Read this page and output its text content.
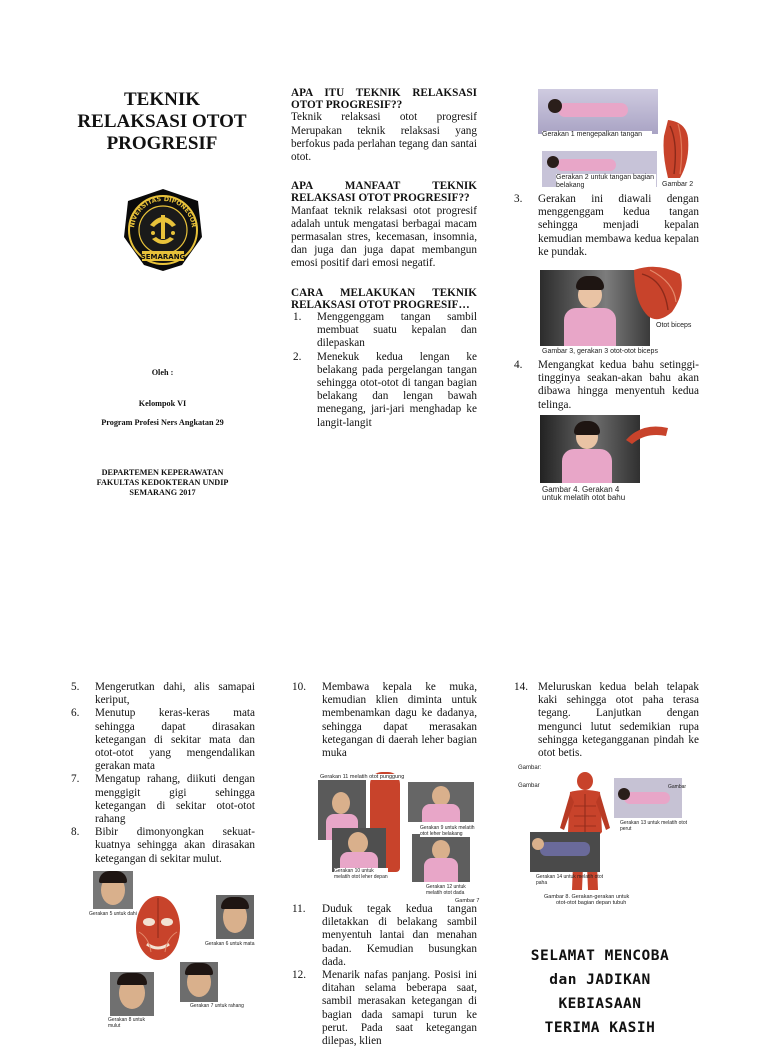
TEKNIK
RELAKSASI OTOT
PROGRESIF
NIVERSITAS DIPONEGOR
SEMARANG
Oleh :
Kelompok VI
Program Profesi Ners Angkatan 29
DEPARTEMEN KEPERAWATAN
FAKULTAS KEDOKTERAN UNDIP
SEMARANG 2017
APA ITU TEKNIK RELAKSASI OTOT PROGRESIF??
Teknik relaksasi otot progresif Merupakan teknik relaksasi yang berfokus pada perlahan tegang dan santai otot.
APA MANFAAT TEKNIK RELAKSASI OTOT PROGRESIF??
Manfaat teknik relaksasi otot progresif adalah untuk mengatasi berbagai macam permasalan stres, kecemasan, insomnia, dan juga dan juga dapat membangun emosi positif dari emosi negatif.
CARA MELAKUKAN TEKNIK RELAKSASI OTOT PROGRESIF…
1. Menggenggam tangan sambil membuat suatu kepalan dan dilepaskan
2. Menekuk kedua lengan ke belakang pada pergelangan tangan sehingga otot-otot di tangan bagian belakang dan lengan bawah menegang, jari-jari menghadap ke langit-langit
Gerakan 1 mengepalkan tangan
Gerakan 2 untuk tangan bagian belakang	Gambar 2
3. Gerakan ini diawali dengan menggenggam kedua tangan sehingga menjadi kepalan kemudian membawa kedua kepalan ke pundak.
Otot biceps
Gambar 3, gerakan 3 otot-otot biceps
4. Mengangkat kedua bahu setinggi-tingginya seakan-akan bahu akan dibawa hingga menyentuh kedua telinga.
Gambar 4. Gerakan 4
untuk melatih otot bahu
5. Mengerutkan dahi, alis samapai keriput,
6. Menutup keras-keras mata sehingga dapat dirasakan ketegangan di sekitar mata dan otot-otot yang mengendalikan gerakan mata
7. Mengatup rahang, diikuti dengan menggigit gigi sehingga ketegangan di sekitar otot-otot rahang
8. Bibir dimonyongkan sekuat-kuatnya sehingga akan dirasakan ketegangan di sekitar mulut.
Gerakan 5 untuk dahi
Gerakan 6 untuk mata
Gerakan 7 untuk rahang
Gerakan 8 untuk mulut
10. Membawa kepala ke muka, kemudian klien diminta untuk membenamkan dagu ke dadanya, sehingga dapat merasakan ketegangan di daerah leher bagian muka
Gerakan 11 melatih otot punggung
Gerakan 9 untuk melatih otot leher belakang
Gerakan 10 untuk melatih otot leher depan
Gerakan 12 untuk melatih otot dada
Gambar 7
11. Duduk tegak kedua tangan diletakkan di belakang sambil menyentuh lantai dan menahan badan. Kemudian busungkan dada.
12. Menarik nafas panjang. Posisi ini ditahan selama beberapa saat, sambil merasakan ketegangan di bagian dada samapi turun ke perut. Pada saat ketegangan dilepas, klien
14. Meluruskan kedua belah telapak kaki sehingga otot paha terasa tegang. Lanjutkan dengan mengunci lutut sedemikian rupa sehingga ketegangganan pindah ke otot betis.
Gambar:
Gambar	Gambar
Gerakan 13 untuk melatih otot perut
Gerakan 14 untuk melatih otot paha
Gambar 8. Gerakan-gerakan untuk
otot-otot bagian depan tubuh
SELAMAT MENCOBA
dan JADIKAN
KEBIASAAN
TERIMA KASIH
